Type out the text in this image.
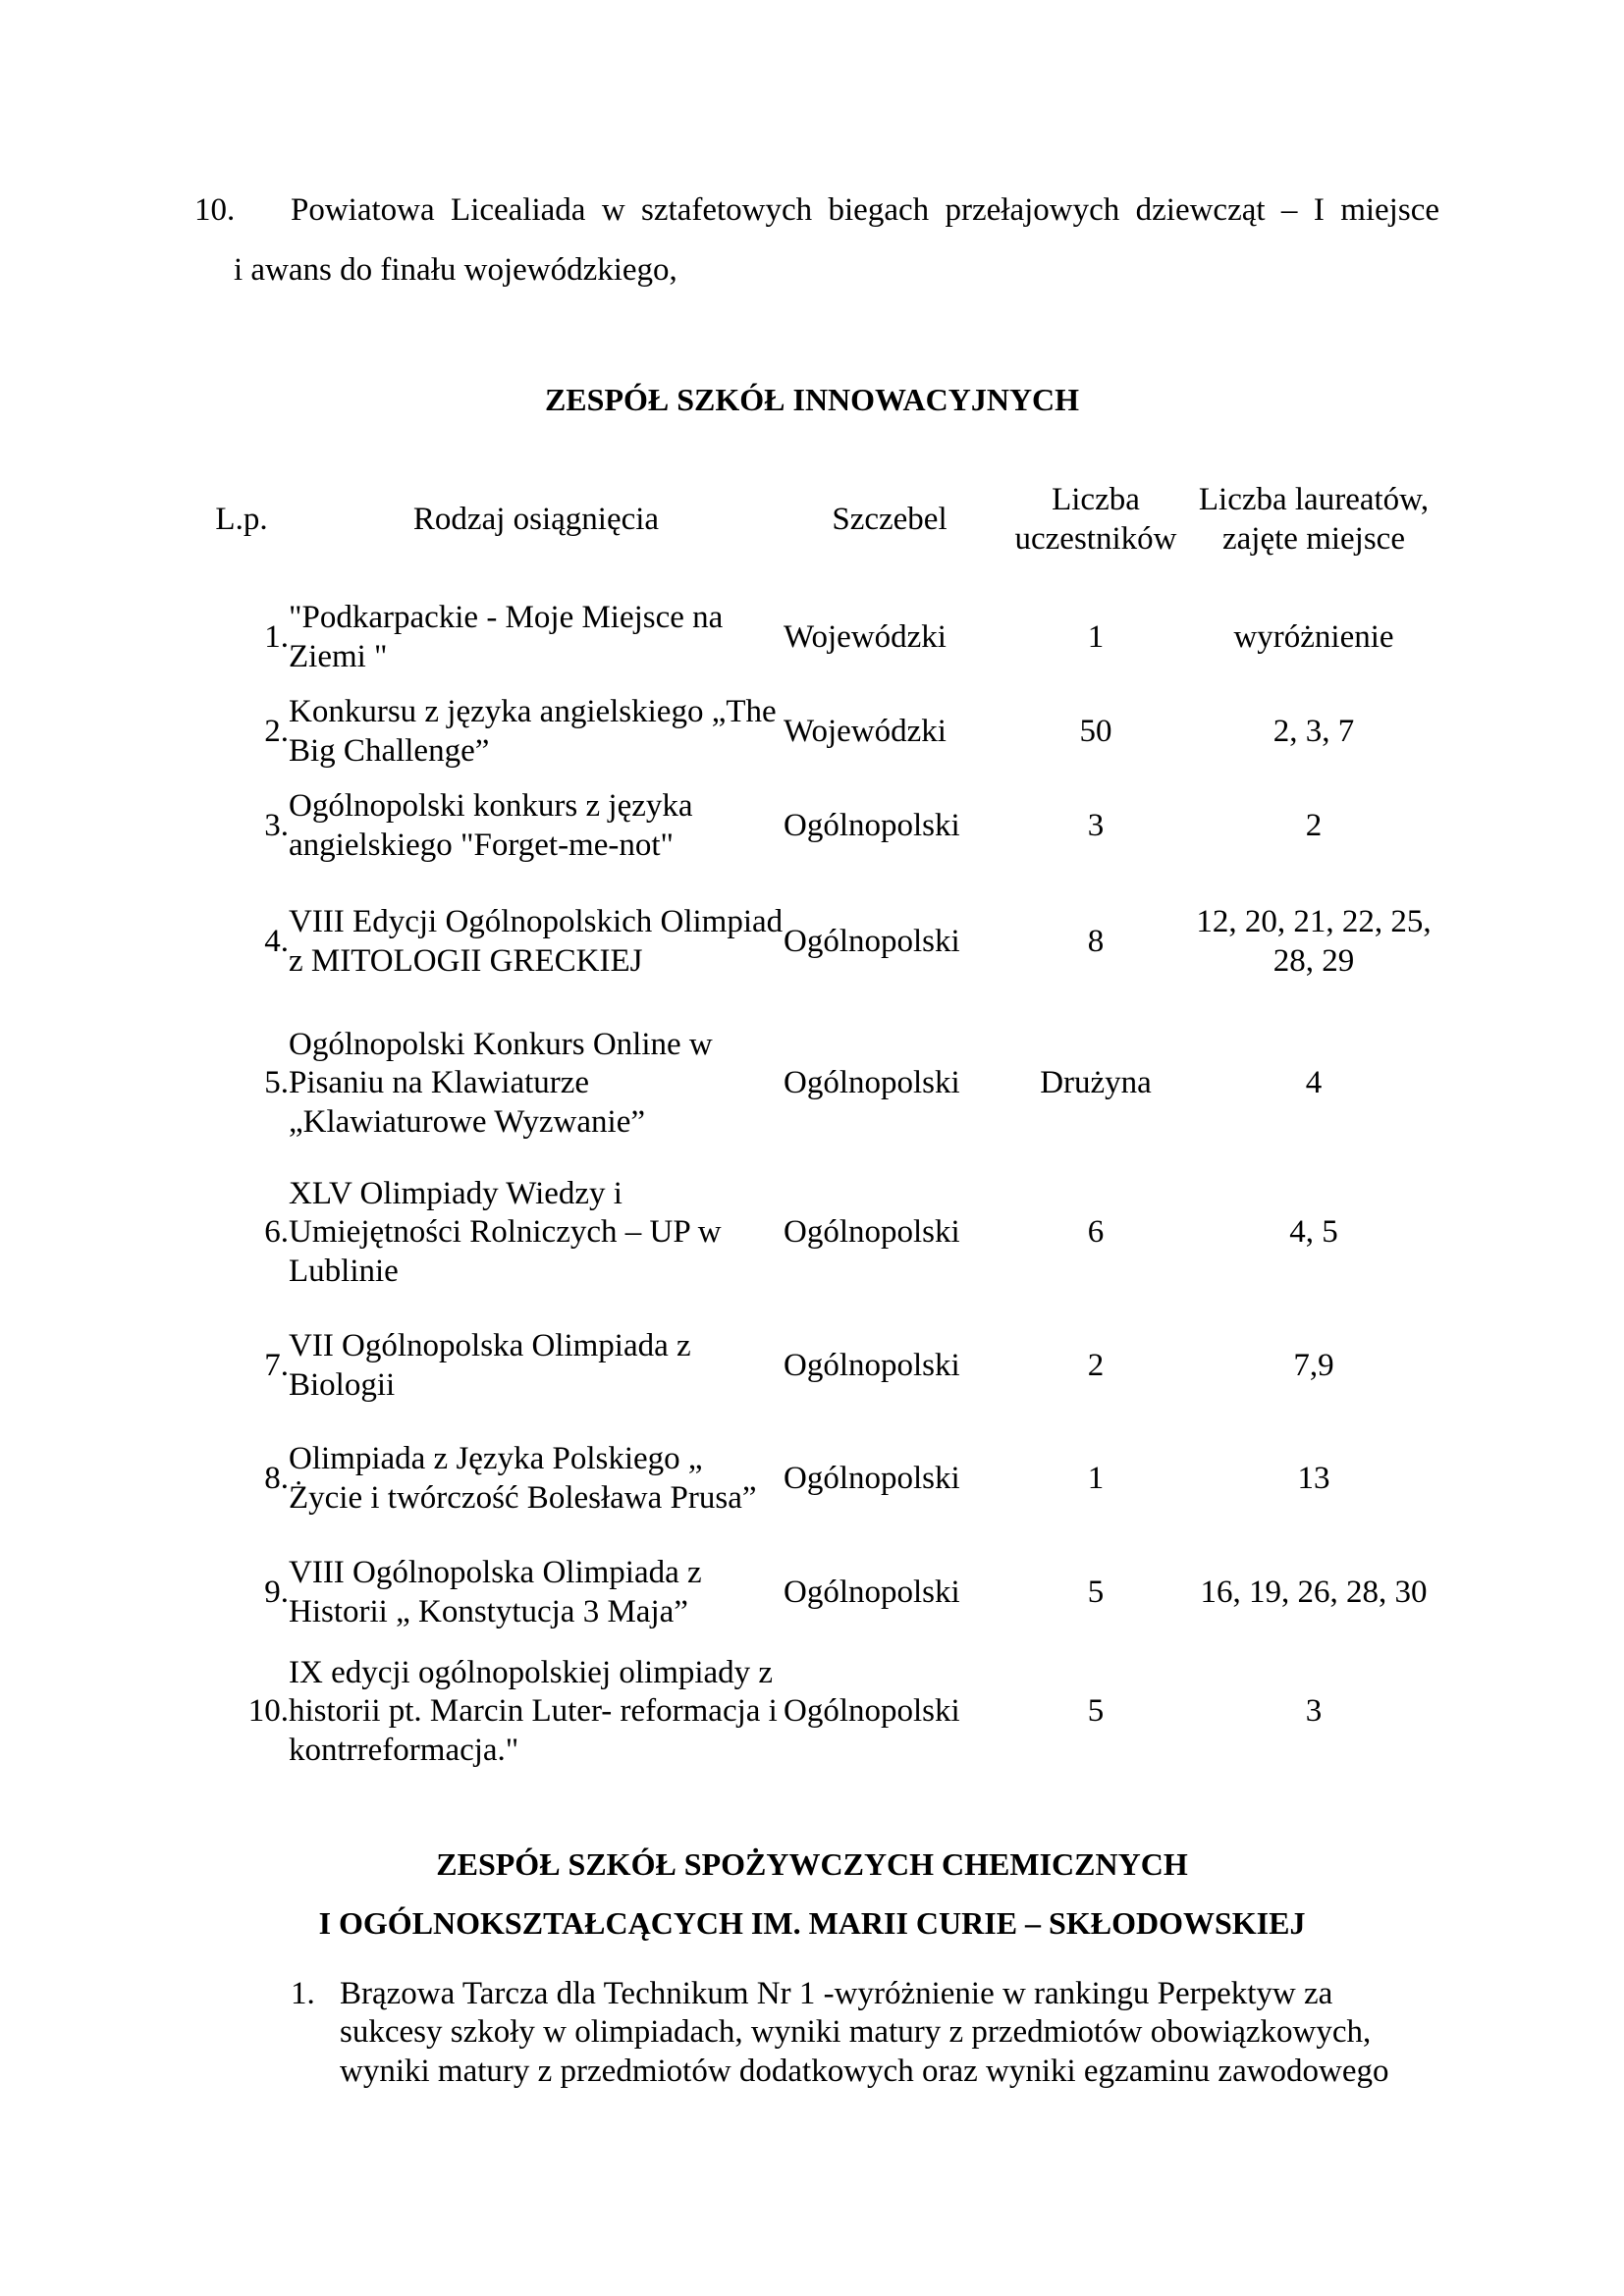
10.	Powiatowa Licealiada w sztafetowych biegach przełajowych dziewcząt – I miejsce
i awans do finału wojewódzkiego,
ZESPÓŁ SZKÓŁ INNOWACYJNYCH
L.p.	Rodzaj osiągnięcia	Szczebel	Liczba uczestników	Liczba laureatów, zajęte miejsce
1.	"Podkarpackie - Moje Miejsce na Ziemi "	Wojewódzki	1	wyróżnienie
2.	Konkursu z języka angielskiego „The Big Challenge”	Wojewódzki	50	2, 3, 7
3.	Ogólnopolski konkurs z języka angielskiego "Forget-me-not"	Ogólnopolski	3	2
4.	VIII Edycji Ogólnopolskich Olimpiad z MITOLOGII GRECKIEJ	Ogólnopolski	8	12, 20, 21, 22, 25, 28, 29
5.	Ogólnopolski Konkurs Online w Pisaniu na Klawiaturze „Klawiaturowe Wyzwanie”	Ogólnopolski	Drużyna	4
6.	XLV Olimpiady Wiedzy i Umiejętności Rolniczych – UP w Lublinie	Ogólnopolski	6	4, 5
7.	VII Ogólnopolska Olimpiada z Biologii	Ogólnopolski	2	7,9
8.	Olimpiada z Języka Polskiego „ Życie i twórczość Bolesława Prusa”	Ogólnopolski	1	13
9.	VIII Ogólnopolska Olimpiada z Historii „ Konstytucja 3 Maja”	Ogólnopolski	5	16, 19, 26, 28, 30
10.	IX edycji ogólnopolskiej olimpiady z historii pt. Marcin Luter- reformacja i kontrreformacja."	Ogólnopolski	5	3
ZESPÓŁ SZKÓŁ SPOŻYWCZYCH CHEMICZNYCH
I OGÓLNOKSZTAŁCĄCYCH IM. MARII CURIE – SKŁODOWSKIEJ
1. Brązowa Tarcza dla Technikum Nr 1 -wyróżnienie w rankingu Perpektyw za sukcesy szkoły w olimpiadach, wyniki matury z przedmiotów obowiązkowych, wyniki matury z przedmiotów dodatkowych oraz wyniki egzaminu zawodowego
